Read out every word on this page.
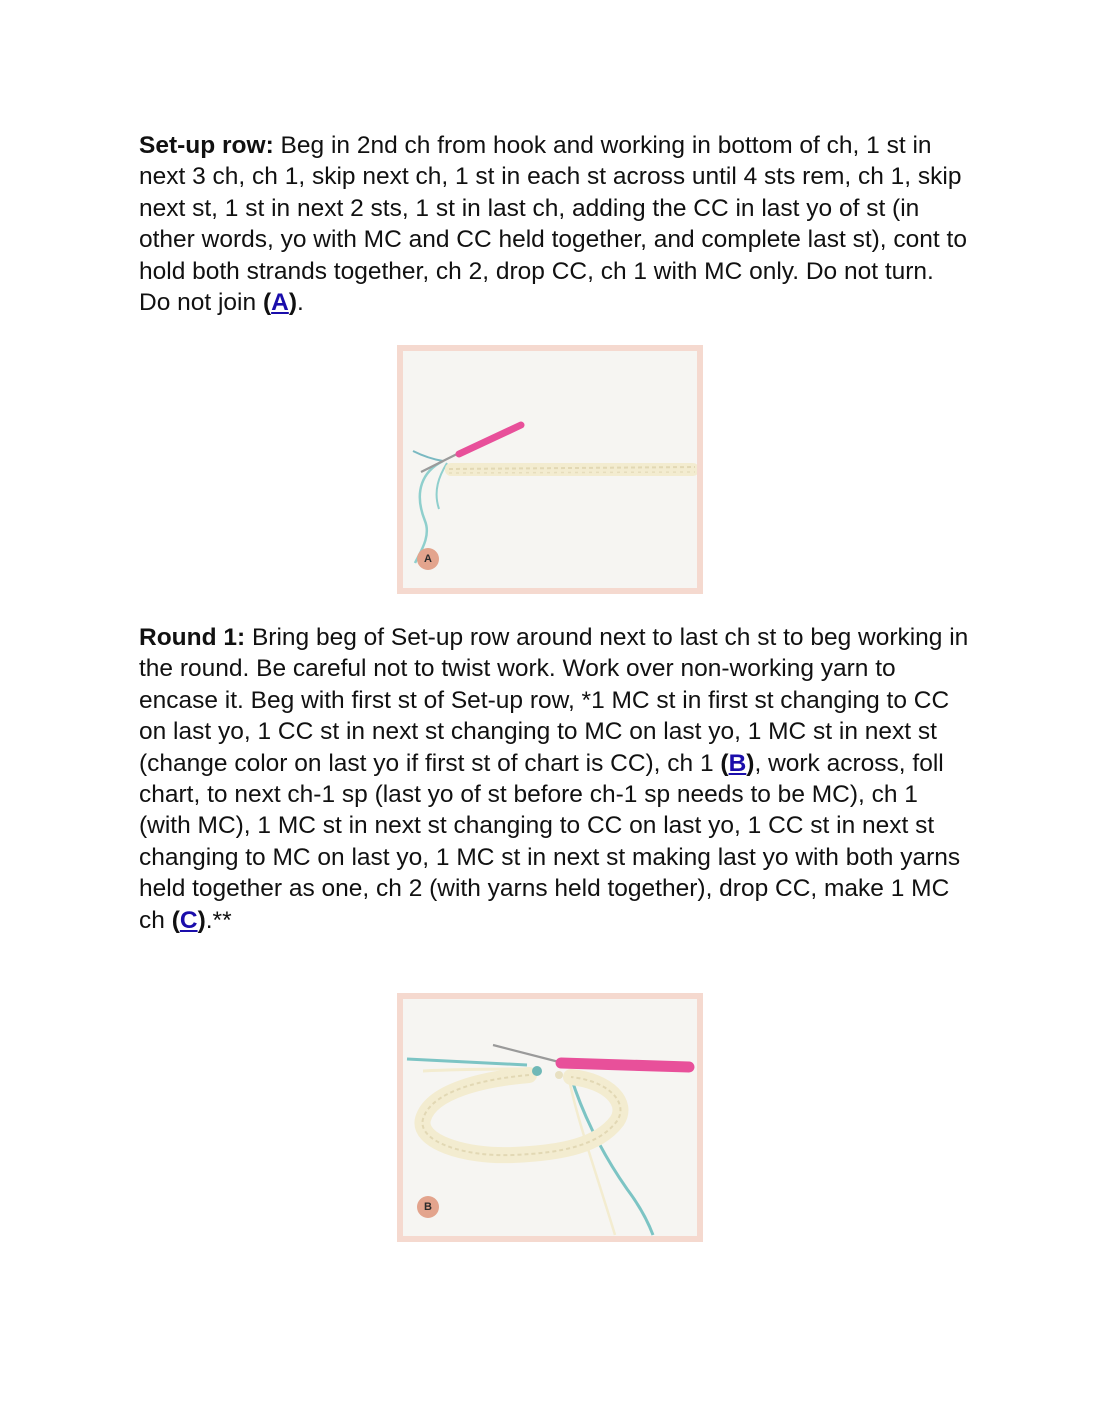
Set-up row: Beg in 2nd ch from hook and working in bottom of ch, 1 st in next 3 ch, ch 1, skip next ch, 1 st in each st across until 4 sts rem, ch 1, skip next st, 1 st in next 2 sts, 1 st in last ch, adding the CC in last yo of st (in other words, yo with MC and CC held together, and complete last st), cont to hold both strands together, ch 2, drop CC, ch 1 with MC only. Do not turn. Do not join (A).

A

Round 1: Bring beg of Set-up row around next to last ch st to beg working in the round. Be careful not to twist work. Work over non-working yarn to encase it. Beg with first st of Set-up row, *1 MC st in first st changing to CC on last yo, 1 CC st in next st changing to MC on last yo, 1 MC st in next st (change color on last yo if first st of chart is CC), ch 1 (B), work across, foll chart, to next ch-1 sp (last yo of st before ch-1 sp needs to be MC), ch 1 (with MC), 1 MC st in next st changing to CC on last yo, 1 CC st in next st changing to MC on last yo, 1 MC st in next st making last yo with both yarns held together as one, ch 2 (with yarns held together), drop CC, make 1 MC ch (C).**

B
